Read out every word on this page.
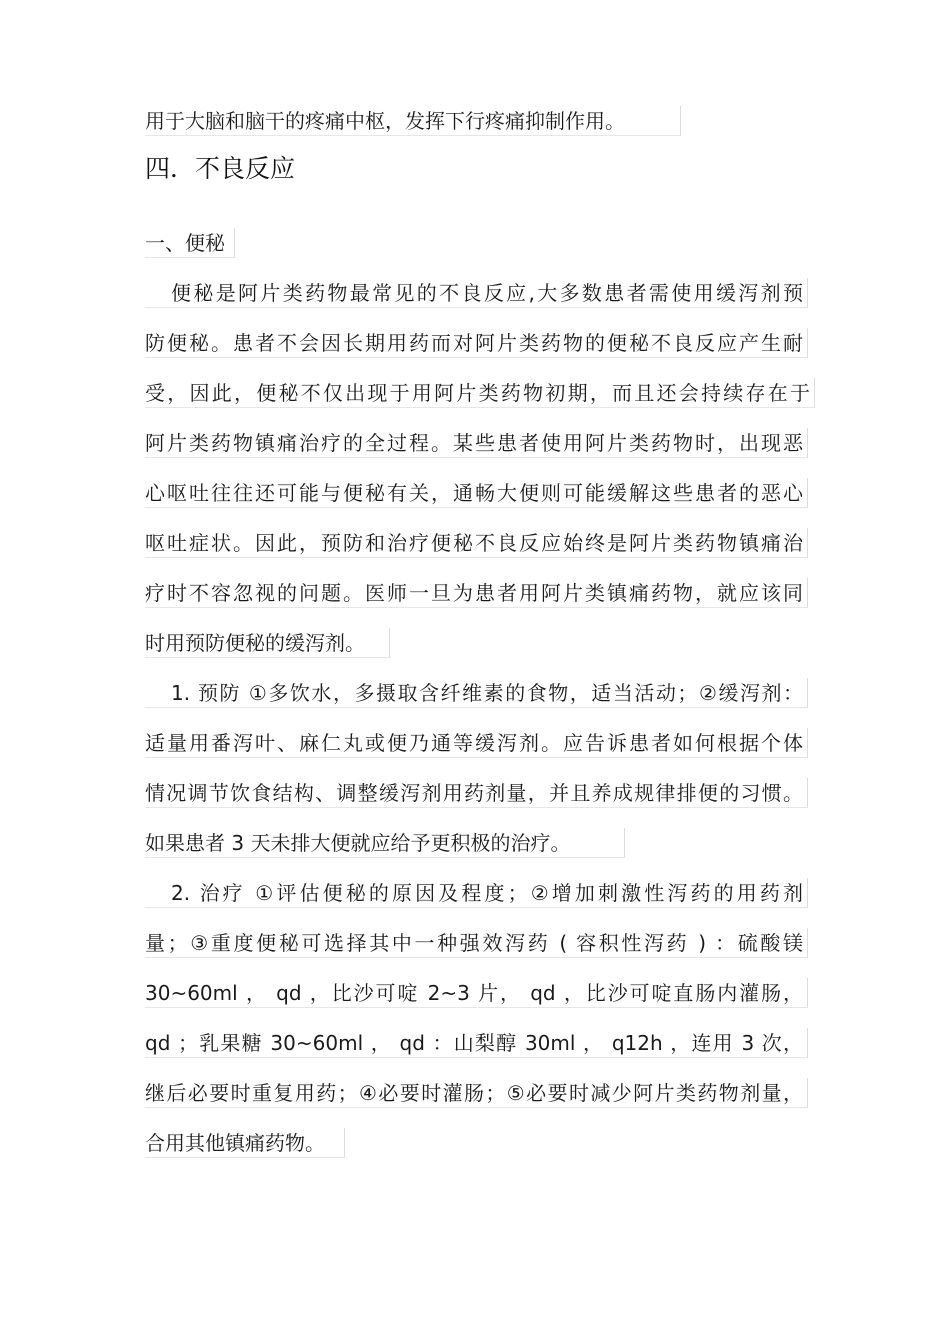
用于大脑和脑干的疼痛中枢，发挥下行疼痛抑制作用。
四．不良反应
一、便秘
便秘是阿片类药物最常见的不良反应,大多数患者需使用缓泻剂预
防便秘。患者不会因长期用药而对阿片类药物的便秘不良反应产生耐
受，因此，便秘不仅出现于用阿片类药物初期，而且还会持续存在于
阿片类药物镇痛治疗的全过程。某些患者使用阿片类药物时，出现恶
心呕吐往往还可能与便秘有关，通畅大便则可能缓解这些患者的恶心
呕吐症状。因此，预防和治疗便秘不良反应始终是阿片类药物镇痛治
疗时不容忽视的问题。医师一旦为患者用阿片类镇痛药物，就应该同
时用预防便秘的缓泻剂。
1. 预防 ①多饮水，多摄取含纤维素的食物，适当活动；②缓泻剂：
适量用番泻叶、麻仁丸或便乃通等缓泻剂。应告诉患者如何根据个体
情况调节饮食结构、调整缓泻剂用药剂量，并且养成规律排便的习惯。
如果患者 3 天未排大便就应给予更积极的治疗。
2. 治疗 ①评估便秘的原因及程度；②增加刺激性泻药的用药剂
量；③重度便秘可选择其中一种强效泻药 ( 容积性泻药 ) ：硫酸镁
30~60ml ， qd ，比沙可啶 2~3 片， qd ，比沙可啶直肠内灌肠，
qd ；乳果糖 30~60ml ， qd ：山梨醇 30ml ， q12h ，连用 3 次，
继后必要时重复用药；④必要时灌肠；⑤必要时减少阿片类药物剂量，
合用其他镇痛药物。
